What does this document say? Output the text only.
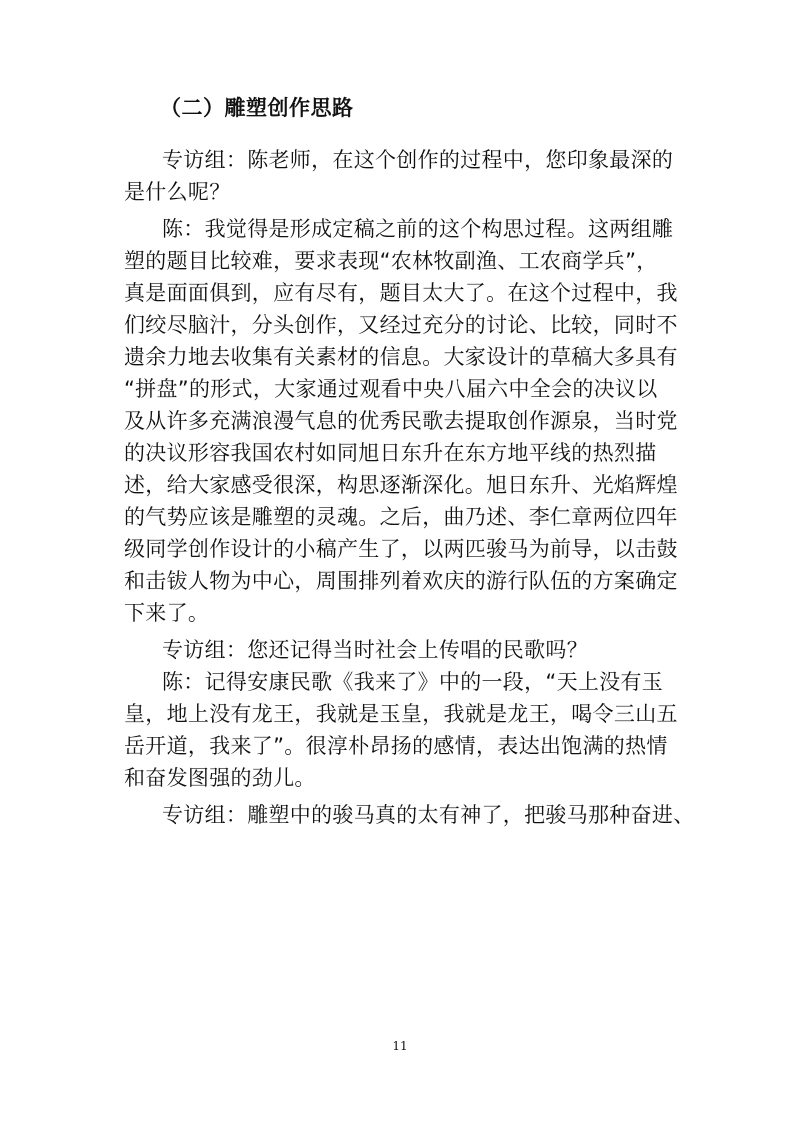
（二）雕塑创作思路
专访组：陈老师，在这个创作的过程中，您印象最深的
是什么呢？
陈：我觉得是形成定稿之前的这个构思过程。这两组雕
塑的题目比较难，要求表现“农林牧副渔、工农商学兵”，
真是面面俱到，应有尽有，题目太大了。在这个过程中，我
们绞尽脑汁，分头创作，又经过充分的讨论、比较，同时不
遗余力地去收集有关素材的信息。大家设计的草稿大多具有
“拼盘”的形式，大家通过观看中央八届六中全会的决议以
及从许多充满浪漫气息的优秀民歌去提取创作源泉，当时党
的决议形容我国农村如同旭日东升在东方地平线的热烈描
述，给大家感受很深，构思逐渐深化。旭日东升、光焰辉煌
的气势应该是雕塑的灵魂。之后，曲乃述、李仁章两位四年
级同学创作设计的小稿产生了，以两匹骏马为前导，以击鼓
和击钹人物为中心，周围排列着欢庆的游行队伍的方案确定
下来了。
专访组：您还记得当时社会上传唱的民歌吗？
陈：记得安康民歌《我来了》中的一段，“天上没有玉
皇，地上没有龙王，我就是玉皇，我就是龙王，喝令三山五
岳开道，我来了”。很淳朴昂扬的感情，表达出饱满的热情
和奋发图强的劲儿。
专访组：雕塑中的骏马真的太有神了，把骏马那种奋进、
11
